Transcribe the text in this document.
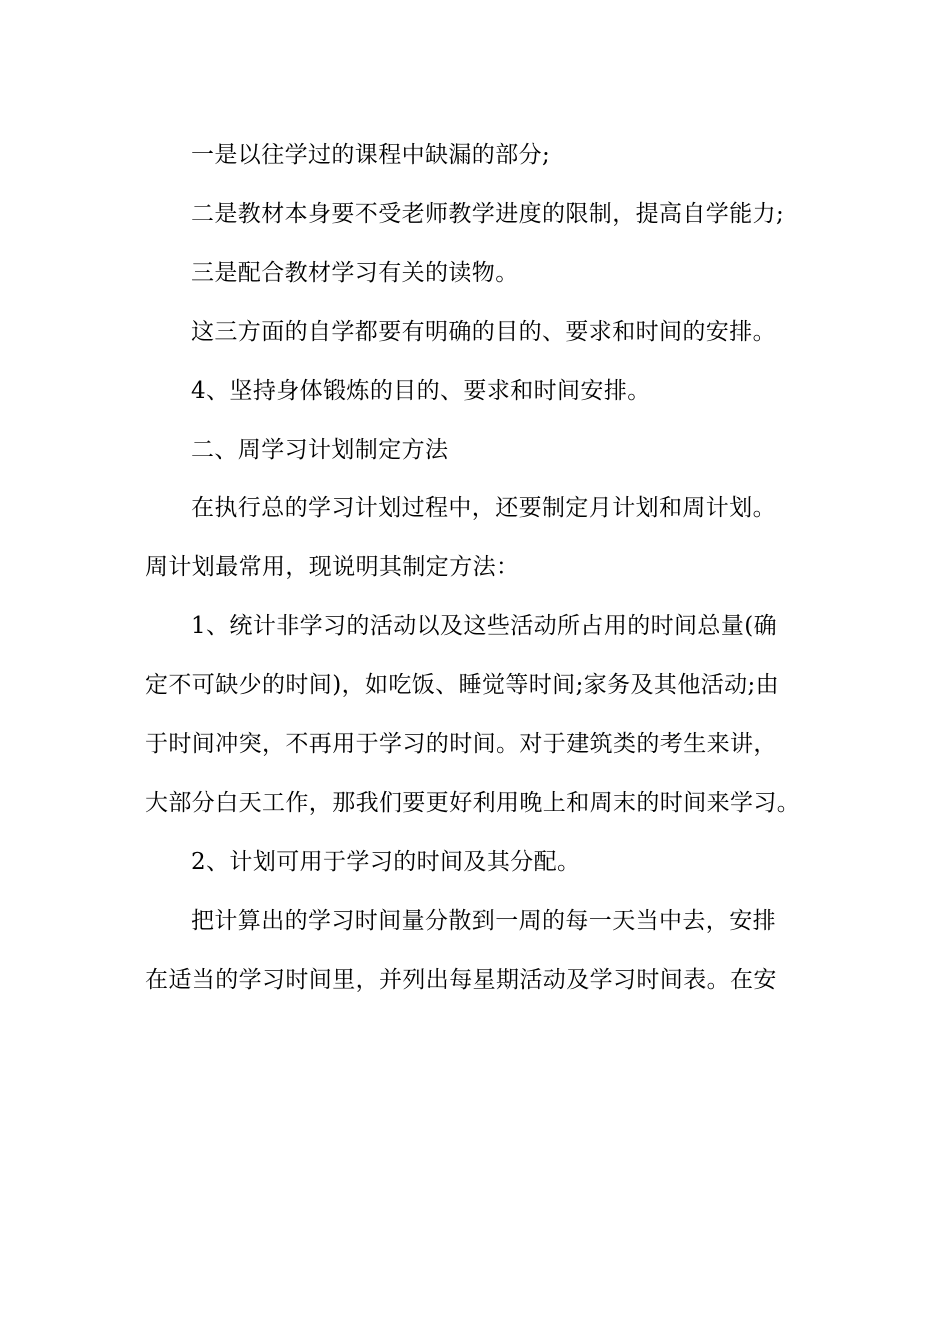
一是以往学过的课程中缺漏的部分;

二是教材本身要不受老师教学进度的限制，提高自学能力;

三是配合教材学习有关的读物。

这三方面的自学都要有明确的目的、要求和时间的安排。

4、坚持身体锻炼的目的、要求和时间安排。

二、周学习计划制定方法

在执行总的学习计划过程中，还要制定月计划和周计划。

周计划最常用，现说明其制定方法：

1、统计非学习的活动以及这些活动所占用的时间总量(确

定不可缺少的时间)，如吃饭、睡觉等时间;家务及其他活动;由

于时间冲突，不再用于学习的时间。对于建筑类的考生来讲，

大部分白天工作，那我们要更好利用晚上和周末的时间来学习。

2、计划可用于学习的时间及其分配。

把计算出的学习时间量分散到一周的每一天当中去，安排

在适当的学习时间里，并列出每星期活动及学习时间表。在安
